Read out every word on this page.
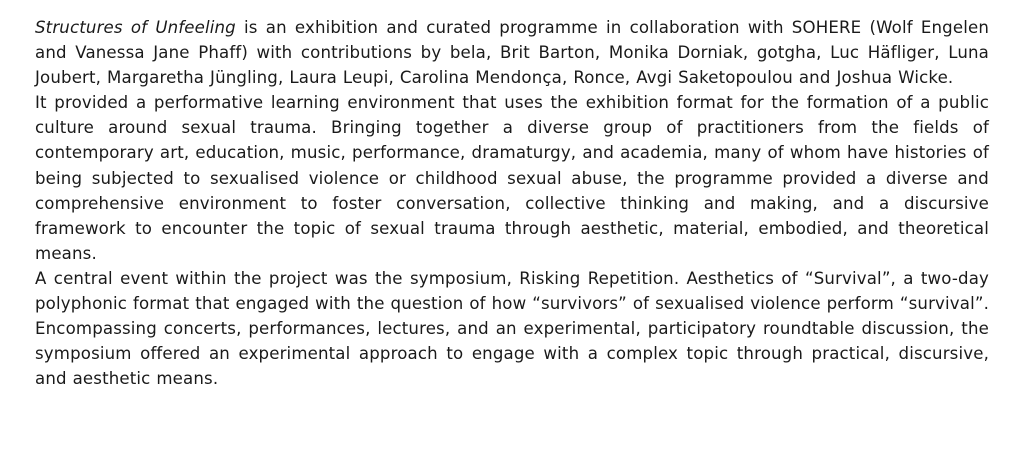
Structures of Unfeeling is an exhibition and curated programme in collaboration with SOHERE (Wolf Engelen and Vanessa Jane Phaff) with contributions by bela, Brit Barton, Monika Dorniak, gotgha, Luc Häfliger, Luna Joubert, Margaretha Jüngling, Laura Leupi, Carolina Mendonça, Ronce, Avgi Saketopoulou and Joshua Wicke.

It provided a performative learning environment that uses the exhibition format for the formation of a public culture around sexual trauma. Bringing together a diverse group of practitioners from the fields of contemporary art, education, music, performance, dramaturgy, and academia, many of whom have histories of being subjected to sexualised violence or childhood sexual abuse, the programme provided a diverse and comprehensive environment to foster conversation, collective thinking and making, and a discursive framework to encounter the topic of sexual trauma through aesthetic, material, embodied, and theoretical means.

A central event within the project was the symposium, Risking Repetition. Aesthetics of “Survival”, a two-day polyphonic format that engaged with the question of how “survivors” of sexualised violence perform “survival”. Encompassing concerts, performances, lectures, and an experimental, participatory roundtable discussion, the symposium offered an experimental approach to engage with a complex topic through practical, discursive, and aesthetic means.
